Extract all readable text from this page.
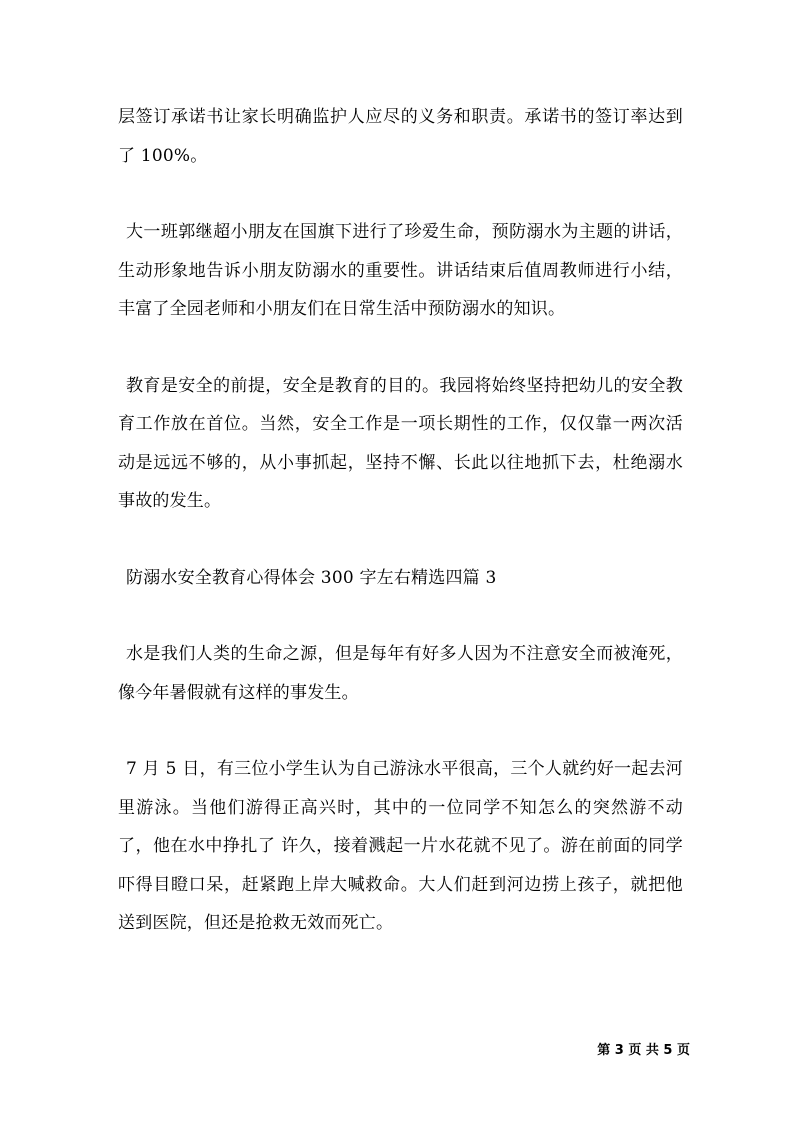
层签订承诺书让家长明确监护人应尽的义务和职责。承诺书的签订率达到了 100%。

大一班郭继超小朋友在国旗下进行了珍爱生命，预防溺水为主题的讲话，生动形象地告诉小朋友防溺水的重要性。讲话结束后值周教师进行小结，丰富了全园老师和小朋友们在日常生活中预防溺水的知识。

教育是安全的前提，安全是教育的目的。我园将始终坚持把幼儿的安全教育工作放在首位。当然，安全工作是一项长期性的工作，仅仅靠一两次活动是远远不够的，从小事抓起，坚持不懈、长此以往地抓下去，杜绝溺水事故的发生。

防溺水安全教育心得体会 300 字左右精选四篇 3

水是我们人类的生命之源，但是每年有好多人因为不注意安全而被淹死，像今年暑假就有这样的事发生。

7 月 5 日，有三位小学生认为自己游泳水平很高，三个人就约好一起去河里游泳。当他们游得正高兴时，其中的一位同学不知怎么的突然游不动了，他在水中挣扎了 许久，接着溅起一片水花就不见了。游在前面的同学吓得目瞪口呆，赶紧跑上岸大喊救命。大人们赶到河边捞上孩子，就把他送到医院，但还是抢救无效而死亡。

第 3 页 共 5 页
